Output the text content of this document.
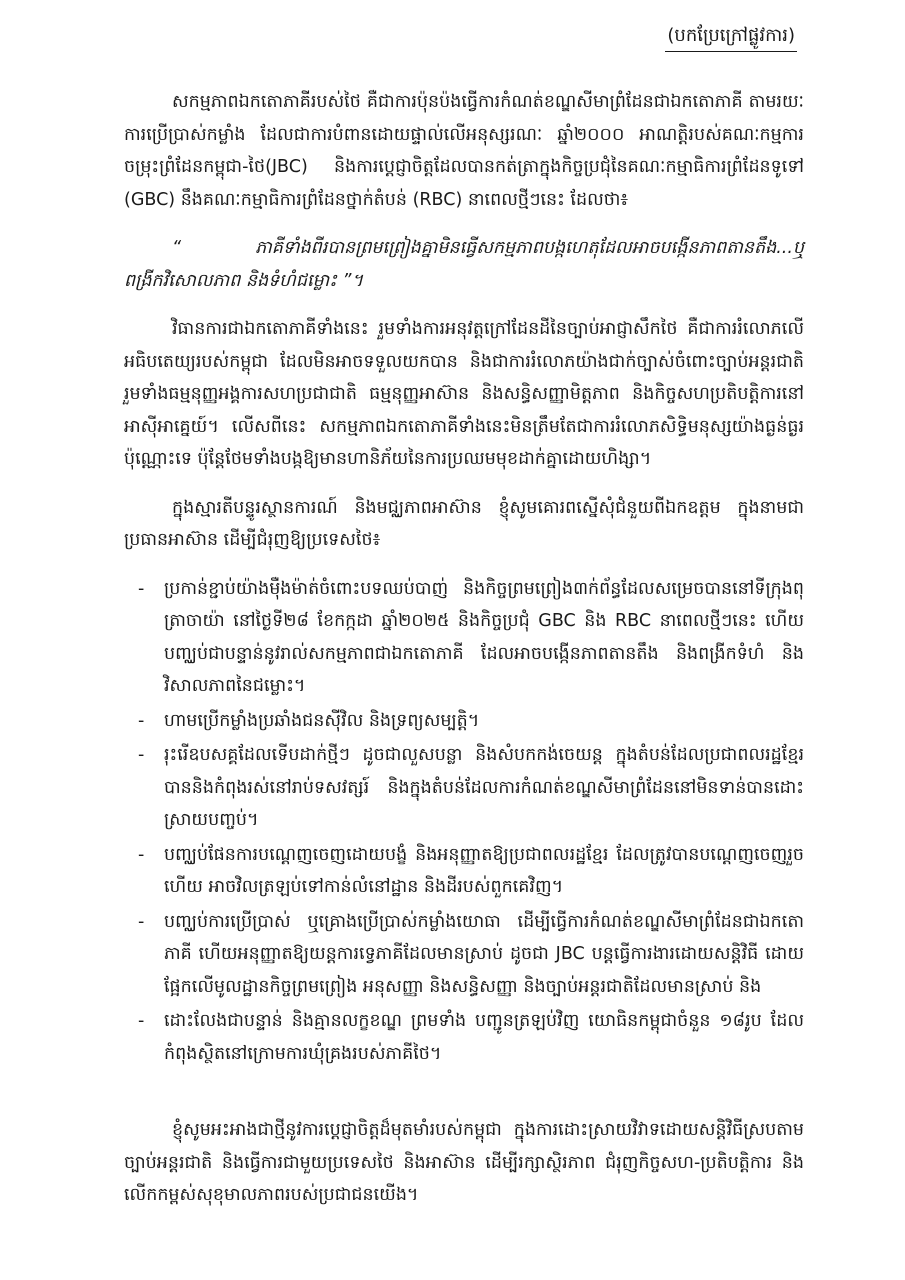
(បកប្រែក្រៅផ្លូវការ)

សកម្មភាពឯកតោភាគីរបស់ថៃ គឺជាការប៉ុនប៉ងធ្វើការកំណត់ខណ្ឌសីមាព្រំដែនជាឯកតោភាគី តាមរយៈការប្រើប្រាស់កម្លាំង ដែលជាការបំពានដោយផ្ទាល់លើអនុស្សរណៈ ឆ្នាំ២០០០ អាណត្តិរបស់គណៈកម្មការចម្រុះព្រំដែនកម្ពុជា-ថៃ(JBC) និងការប្តេជ្ញាចិត្តដែលបានកត់ត្រាក្នុងកិច្ចប្រជុំនៃគណៈកម្មាធិការព្រំដែនទូទៅ (GBC) នឹងគណៈកម្មាធិការព្រំដែនថ្នាក់តំបន់ (RBC) នាពេលថ្មីៗនេះ ដែលថា៖

“ ភាគីទាំងពីរបានព្រមព្រៀងគ្នាមិនធ្វើសកម្មភាពបង្កហេតុដែលអាចបង្កើនភាពតានតឹង...ឬ ពង្រីកវិសោលភាព និងទំហំជម្លោះ ”។

វិធានការជាឯកតោភាគីទាំងនេះ រួមទាំងការអនុវត្តក្រៅដែនដីនៃច្បាប់អាជ្ញាសឹកថៃ គឺជាការរំលោភលើអធិបតេយ្យរបស់កម្ពុជា ដែលមិនអាចទទួលយកបាន និងជាការរំលោភយ៉ាងជាក់ច្បាស់ចំពោះច្បាប់អន្តរជាតិ រួមទាំងធម្មនុញ្ញអង្គការសហប្រជាជាតិ ធម្មនុញ្ញអាស៊ាន និងសន្ធិសញ្ញាមិត្តភាព និងកិច្ចសហប្រតិបត្តិការនៅអាស៊ីអាគ្នេយ៍។ លើសពីនេះ សកម្មភាពឯកតោភាគីទាំងនេះមិនត្រឹមតែជាការរំលោភសិទ្ធិមនុស្សយ៉ាងធ្ងន់ធ្ងរប៉ុណ្ណោះទេ ប៉ុន្តែថែមទាំងបង្កឱ្យមានហានិភ័យនៃការប្រឈមមុខដាក់គ្នាដោយហិង្សា។

ក្នុងស្មារតីបន្ទូរស្ថានការណ៍ និងមជ្ឈភាពអាស៊ាន ខ្ញុំសូមគោរពស្នើសុំជំនួយពីឯកឧត្តម ក្នុងនាមជាប្រធានអាស៊ាន ដើម្បីជំរុញឱ្យប្រទេសថៃ៖

- ប្រកាន់ខ្ជាប់យ៉ាងម៉ឺងម៉ាត់ចំពោះបទឈប់បាញ់ និងកិច្ចព្រមព្រៀង៣ក់ព័ន្ធដែលសម្រេចបាននៅទីក្រុងពុត្រាចាយ៉ា នៅថ្ងៃទី២៨ ខែកក្កដា ឆ្នាំ២០២៥ និងកិច្ចប្រជុំ GBC និង RBC នាពេលថ្មីៗនេះ ហើយបញ្ឈប់ជាបន្ទាន់នូវរាល់សកម្មភាពជាឯកតោភាគី ដែលអាចបង្កើនភាពតានតឹង និងពង្រីកទំហំ និងវិសាលភាពនៃជម្លោះ។
- ហាមប្រើកម្លាំងប្រឆាំងជនស៊ីវិល និងទ្រព្យសម្បត្តិ។
- រុះរើឧបសគ្គដែលទើបដាក់ថ្មីៗ ដូចជាលួសបន្លា និងសំបកកង់ចេយន្ត ក្នុងតំបន់ដែលប្រជាពលរដ្ឋខ្មែរ បាននិងកំពុងរស់នៅរាប់ទសវត្សរ៍ និងក្នុងតំបន់ដែលការកំណត់ខណ្ឌសីមាព្រំដែននៅមិនទាន់បានដោះស្រាយបញ្ចប់។
- បញ្ឈប់ផែនការបណ្តេញចេញដោយបង្ខំ និងអនុញ្ញាតឱ្យប្រជាពលរដ្ឋខ្មែរ ដែលត្រូវបានបណ្តេញចេញរួចហើយ អាចវិលត្រឡប់ទៅកាន់លំនៅដ្ឋាន និងដីរបស់ពួកគេវិញ។
- បញ្ឈប់ការប្រើប្រាស់ ឬគ្រោងប្រើប្រាស់កម្លាំងយោធា ដើម្បីធ្វើការកំណត់ខណ្ឌសីមាព្រំដែនជាឯកតោភាគី ហើយអនុញ្ញាតឱ្យយន្តការទ្វេភាគីដែលមានស្រាប់ ដូចជា JBC បន្តធ្វើការងារដោយសន្តិវិធី ដោយផ្អែកលើមូលដ្ឋានកិច្ចព្រមព្រៀង អនុសញ្ញា និងសន្ធិសញ្ញា និងច្បាប់អន្តរជាតិដែលមានស្រាប់ និង
- ដោះលែងជាបន្ទាន់ និងគ្មានលក្ខខណ្ឌ ព្រមទាំង បញ្ជូនត្រឡប់វិញ យោធិនកម្ពុជាចំនួន ១៨រូប ដែលកំពុងស្ថិតនៅក្រោមការឃុំគ្រងរបស់ភាគីថៃ។

ខ្ញុំសូមអះអាងជាថ្មីនូវការប្តេជ្ញាចិត្តដ៏មុតមាំរបស់កម្ពុជា ក្នុងការដោះស្រាយវិវាទដោយសន្តិវិធីស្របតាមច្បាប់អន្តរជាតិ និងធ្វើការជាមួយប្រទេសថៃ និងអាស៊ាន ដើម្បីរក្សាស្ថិរភាព ជំរុញកិច្ចសហ-ប្រតិបត្តិការ និងលើកកម្ពស់សុខុមាលភាពរបស់ប្រជាជនយើង។
